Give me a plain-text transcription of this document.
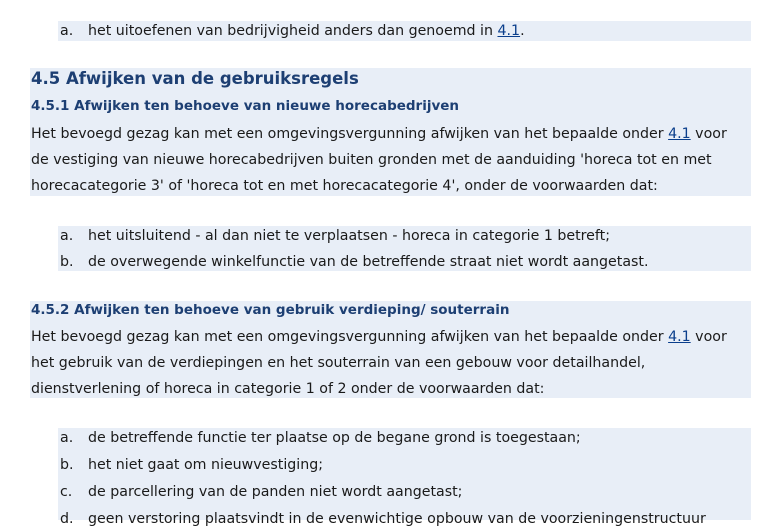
a. het uitoefenen van bedrijvigheid anders dan genoemd in 4.1.
4.5 Afwijken van de gebruiksregels
4.5.1 Afwijken ten behoeve van nieuwe horecabedrijven
Het bevoegd gezag kan met een omgevingsvergunning afwijken van het bepaalde onder 4.1 voor
de vestiging van nieuwe horecabedrijven buiten gronden met de aanduiding 'horeca tot en met
horecacategorie 3' of 'horeca tot en met horecacategorie 4', onder de voorwaarden dat:
a. het uitsluitend - al dan niet te verplaatsen - horeca in categorie 1 betreft;
b. de overwegende winkelfunctie van de betreffende straat niet wordt aangetast.
4.5.2 Afwijken ten behoeve van gebruik verdieping/ souterrain
Het bevoegd gezag kan met een omgevingsvergunning afwijken van het bepaalde onder 4.1 voor
het gebruik van de verdiepingen en het souterrain van een gebouw voor detailhandel,
dienstverlening of horeca in categorie 1 of 2 onder de voorwaarden dat:
a. de betreffende functie ter plaatse op de begane grond is toegestaan;
b. het niet gaat om nieuwvestiging;
c. de parcellering van de panden niet wordt aangetast;
d. geen verstoring plaatsvindt in de evenwichtige opbouw van de voorzieningenstructuur
